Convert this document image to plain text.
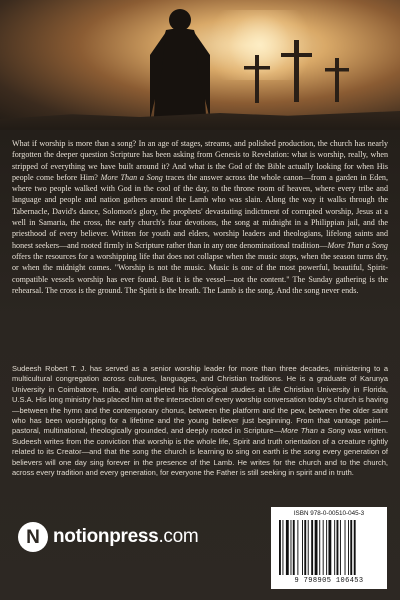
What if worship is more than a song? In an age of stages, streams, and polished production, the church has nearly forgotten the deeper question Scripture has been asking from Genesis to Revelation: what is worship, really, when stripped of everything we have built around it? And what is the God of the Bible actually looking for when His people come before Him? More Than a Song traces the answer across the whole canon—from a garden in Eden, where two people walked with God in the cool of the day, to the throne room of heaven, where every tribe and language and people and nation gathers around the Lamb who was slain. Along the way it walks through the Tabernacle, David's dance, Solomon's glory, the prophets' devastating indictment of corrupted worship, Jesus at a well in Samaria, the cross, the early church's four devotions, the song at midnight in a Philippian jail, and the priesthood of every believer. Written for youth and elders, worship leaders and theologians, lifelong saints and honest seekers—and rooted firmly in Scripture rather than in any one denominational tradition—More Than a Song offers the resources for a worshipping life that does not collapse when the music stops, when the season turns dry, or when the midnight comes. "Worship is not the music. Music is one of the most powerful, beautiful, Spirit-compatible vessels worship has ever found. But it is the vessel—not the content." The Sunday gathering is the rehearsal. The cross is the ground. The Spirit is the breath. The Lamb is the song. And the song never ends.

Sudeesh Robert T. J. has served as a senior worship leader for more than three decades, ministering to a multicultural congregation across cultures, languages, and Christian traditions. He is a graduate of Karunya University in Coimbatore, India, and completed his theological studies at Life Christian University in Florida, U.S.A. His long ministry has placed him at the intersection of every worship conversation today's church is having—between the hymn and the contemporary chorus, between the platform and the pew, between the older saint who has been worshipping for a lifetime and the young believer just beginning. From that vantage point—pastoral, multinational, theologically grounded, and deeply rooted in Scripture—More Than a Song was written. Sudeesh writes from the conviction that worship is the whole life, Spirit and truth orientation of a creature rightly related to its Creator—and that the song the church is learning to sing on earth is the song every generation of believers will one day sing forever in the presence of the Lamb. He writes for the church and to the church, across every tradition and every generation, for everyone the Father is still seeking in spirit and in truth.

N notionpress.com
ISBN 978-0-00510-045-3
9 798905 106453
